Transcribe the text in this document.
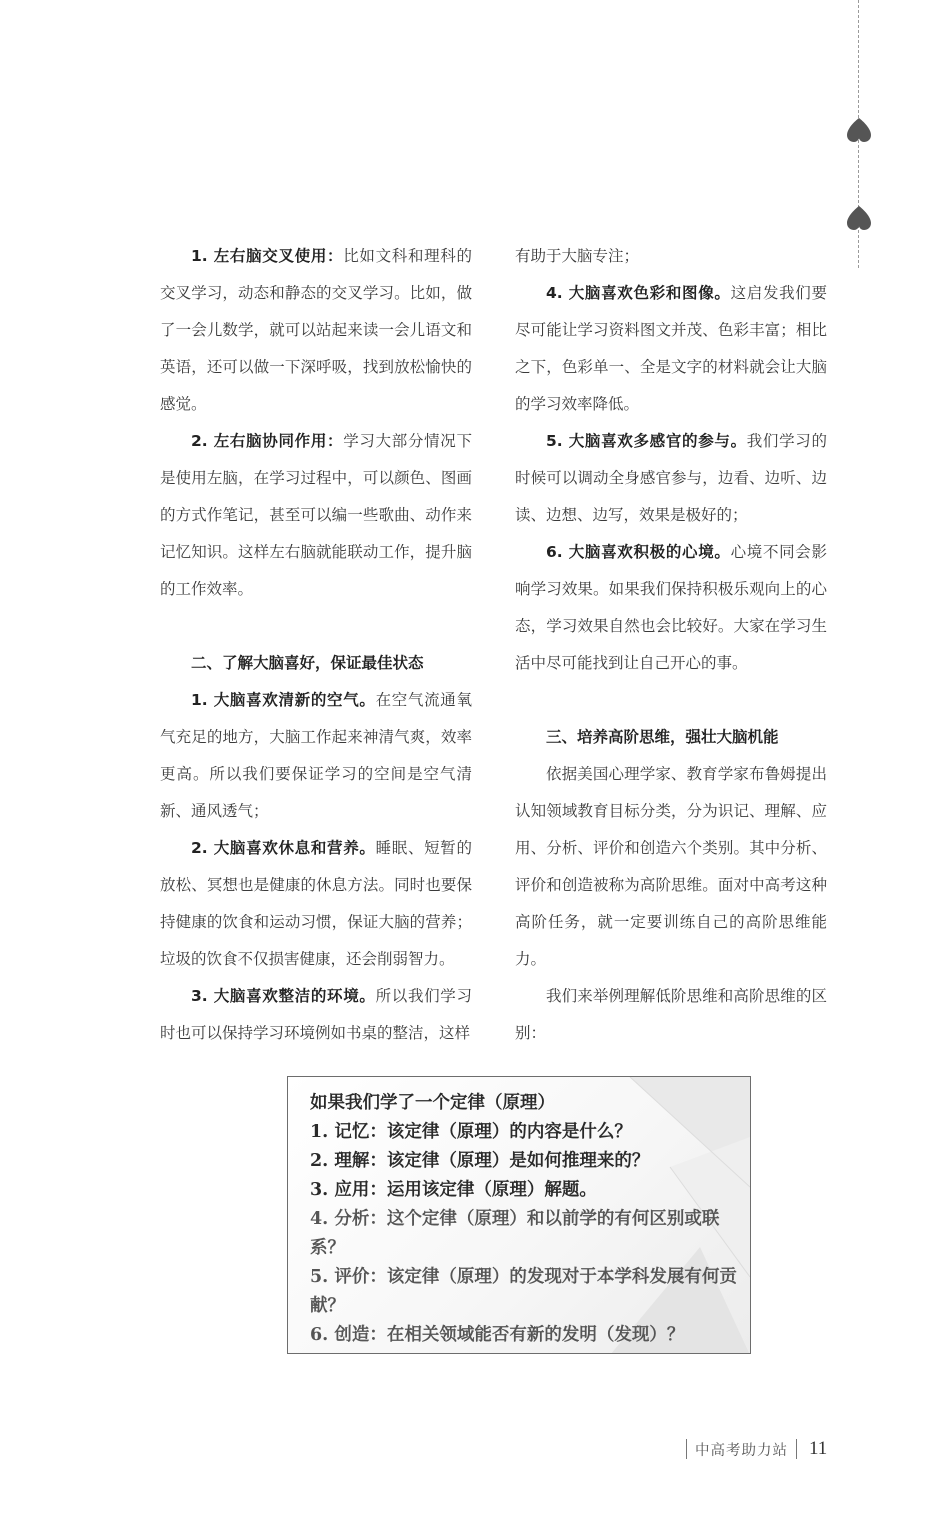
1. 左右脑交叉使用：比如文科和理科的交叉学习，动态和静态的交叉学习。比如，做了一会儿数学，就可以站起来读一会儿语文和英语，还可以做一下深呼吸，找到放松愉快的感觉。

2. 左右脑协同作用：学习大部分情况下是使用左脑，在学习过程中，可以颜色、图画的方式作笔记，甚至可以编一些歌曲、动作来记忆知识。这样左右脑就能联动工作，提升脑的工作效率。

二、了解大脑喜好，保证最佳状态

1. 大脑喜欢清新的空气。在空气流通氧气充足的地方，大脑工作起来神清气爽，效率更高。所以我们要保证学习的空间是空气清新、通风透气；

2. 大脑喜欢休息和营养。睡眠、短暂的放松、冥想也是健康的休息方法。同时也要保持健康的饮食和运动习惯，保证大脑的营养；垃圾的饮食不仅损害健康，还会削弱智力。

3. 大脑喜欢整洁的环境。所以我们学习时也可以保持学习环境例如书桌的整洁，这样

有助于大脑专注；

4. 大脑喜欢色彩和图像。这启发我们要尽可能让学习资料图文并茂、色彩丰富；相比之下，色彩单一、全是文字的材料就会让大脑的学习效率降低。

5. 大脑喜欢多感官的参与。我们学习的时候可以调动全身感官参与，边看、边听、边读、边想、边写，效果是极好的；

6. 大脑喜欢积极的心境。心境不同会影响学习效果。如果我们保持积极乐观向上的心态，学习效果自然也会比较好。大家在学习生活中尽可能找到让自己开心的事。

三、培养高阶思维，强壮大脑机能

依据美国心理学家、教育学家布鲁姆提出认知领域教育目标分类，分为识记、理解、应用、分析、评价和创造六个类别。其中分析、评价和创造被称为高阶思维。面对中高考这种高阶任务，就一定要训练自己的高阶思维能力。

我们来举例理解低阶思维和高阶思维的区别：

如果我们学了一个定律（原理）
1. 记忆：该定律（原理）的内容是什么？
2. 理解：该定律（原理）是如何推理来的？
3. 应用：运用该定律（原理）解题。
4. 分析：这个定律（原理）和以前学的有何区别或联系？
5. 评价：该定律（原理）的发现对于本学科发展有何贡献？
6. 创造：在相关领域能否有新的发明（发现）？
中高考助力站	11
